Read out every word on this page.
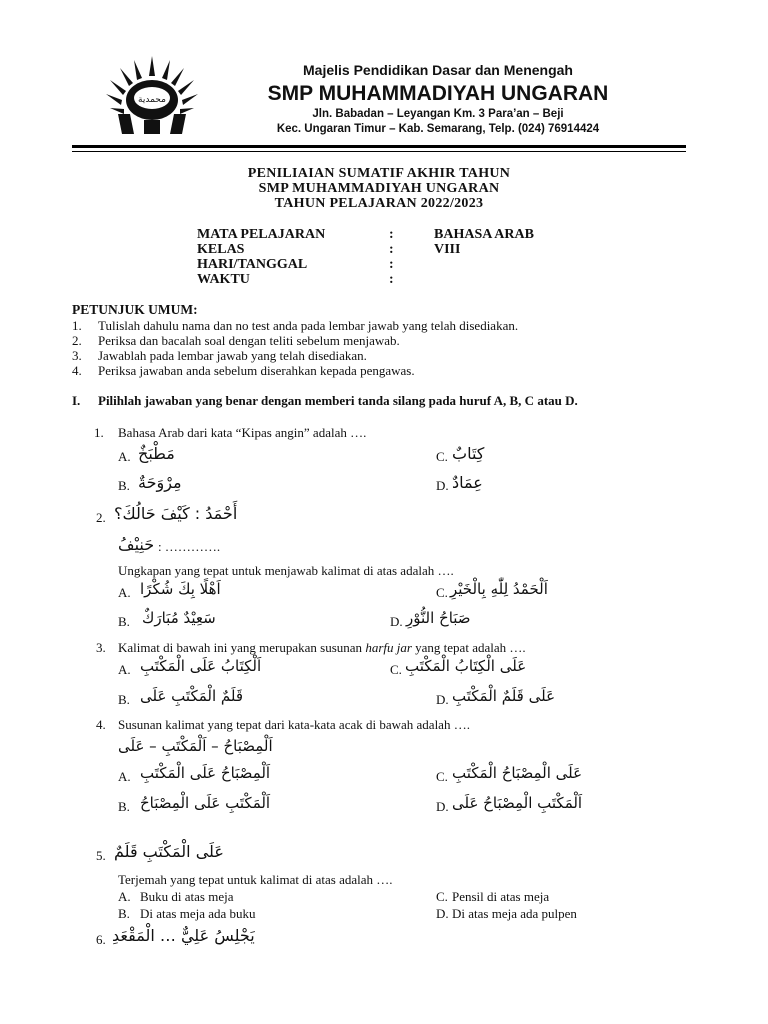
محمدية
Majelis Pendidikan Dasar dan Menengah
SMP MUHAMMADIYAH UNGARAN
Jln. Babadan – Leyangan Km. 3 Para’an – Beji
Kec. Ungaran Timur – Kab. Semarang, Telp. (024) 76914424
PENILIAIAN SUMATIF AKHIR TAHUN
SMP MUHAMMADIYAH UNGARAN
TAHUN PELAJARAN 2022/2023
MATA PELAJARAN	:	BAHASA ARAB
KELAS	:	VIII
HARI/TANGGAL	:
WAKTU	:
PETUNJUK UMUM:
1. Tulislah dahulu nama dan no test anda pada lembar jawab yang telah disediakan.
2. Periksa dan bacalah soal dengan teliti sebelum menjawab.
3. Jawablah pada lembar jawab yang telah disediakan.
4. Periksa jawaban anda sebelum diserahkan kepada pengawas.
I. Pilihlah jawaban yang benar dengan memberi tanda silang pada huruf A, B, C atau D.
1. Bahasa Arab dari kata “Kipas angin” adalah ….
A. مَطْبَخٌ	C. كِتَابٌ
B. مِرْوَحَةٌ	D. عِمَادٌ
2. أَحْمَدُ : كَيْفَ حَالُكَ؟
حَنِيْفُ : ………….
Ungkapan yang tepat untuk menjawab kalimat di atas adalah ….
A. اَهْلًا بِكَ شُكْرًا	C. اَلْحَمْدُ لِلّٰهِ بِالْخَيْرِ
B. سَعِيْدٌ مُبَارَكٌ	D. صَبَاحُ النُّوْرِ
3. Kalimat di bawah ini yang merupakan susunan harfu jar yang tepat adalah ….
A. اَلْكِتَابُ عَلَى الْمَكْتَبِ	C. عَلَى الْكِتَابُ الْمَكْتَبِ
B. قَلَمٌ الْمَكْتَبِ عَلَى	D. عَلَى قَلَمٌ الْمَكْتَبِ
4. Susunan kalimat yang tepat dari kata-kata acak di bawah adalah ….
اَلْمِصْبَاحُ – اَلْمَكْتَبِ – عَلَى
A. اَلْمِصْبَاحُ عَلَى الْمَكْتَبِ	C. عَلَى الْمِصْبَاحُ الْمَكْتَبِ
B. اَلْمَكْتَبِ عَلَى الْمِصْبَاحُ	D. اَلْمَكْتَبِ الْمِصْبَاحُ عَلَى
5. عَلَى الْمَكْتَبِ قَلَمٌ
Terjemah yang tepat untuk kalimat di atas adalah ….
A. Buku di atas meja	C. Pensil di atas meja
B. Di atas meja ada buku	D. Di atas meja ada pulpen
6. يَجْلِسُ عَلِيٌّ … الْمَقْعَدِ
